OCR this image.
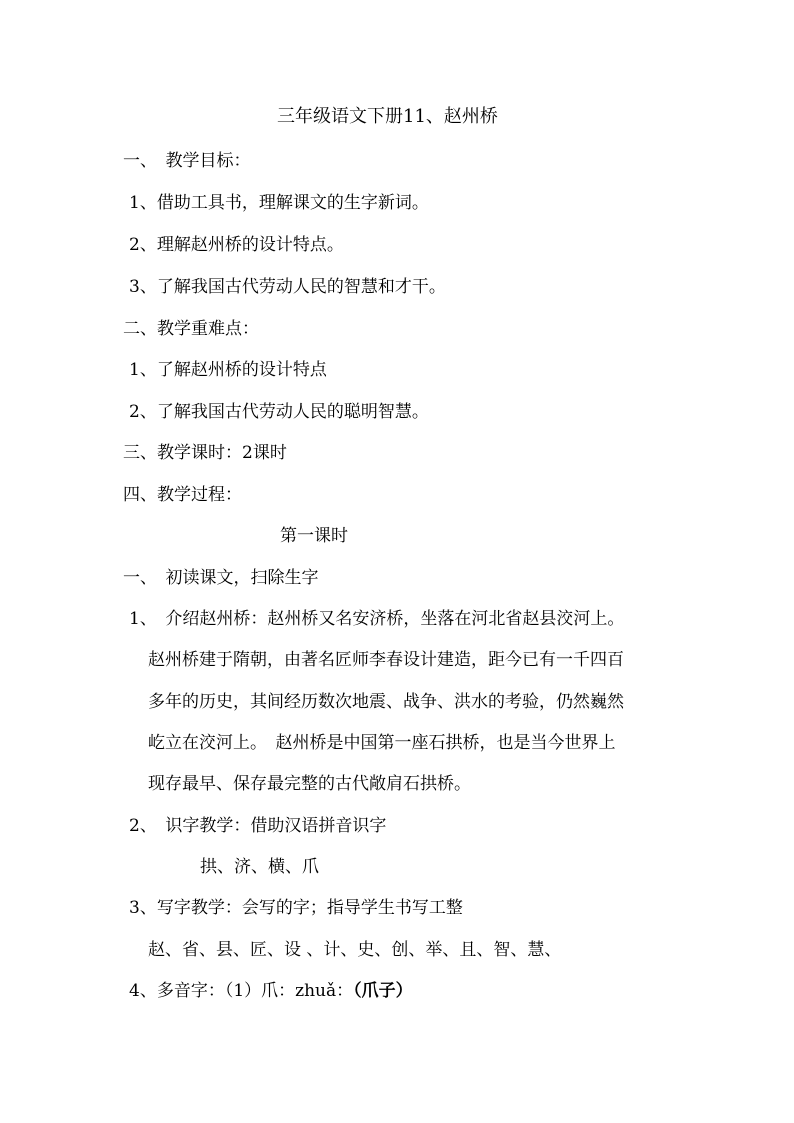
三年级语文下册11、赵州桥
一、　教学目标：
1、借助工具书，理解课文的生字新词。
2、理解赵州桥的设计特点。
3、了解我国古代劳动人民的智慧和才干。
二、教学重难点：
1、了解赵州桥的设计特点
2、了解我国古代劳动人民的聪明智慧。
三、教学课时：2课时
四、教学过程：
第一课时
一、　初读课文，扫除生字
1、　介绍赵州桥：赵州桥又名安济桥，坐落在河北省赵县洨河上。
赵州桥建于隋朝，由著名匠师李春设计建造，距今已有一千四百
多年的历史，其间经历数次地震、战争、洪水的考验，仍然巍然
屹立在洨河上。　赵州桥是中国第一座石拱桥，也是当今世界上
现存最早、保存最完整的古代敞肩石拱桥。
2、　识字教学：借助汉语拼音识字
拱、济、横、爪
3、写字教学：会写的字；指导学生书写工整
赵、省、县、匠、设 、计、史、创、举、且、智、慧、
4、多音字：（1）爪：zhuǎ：（爪子）
